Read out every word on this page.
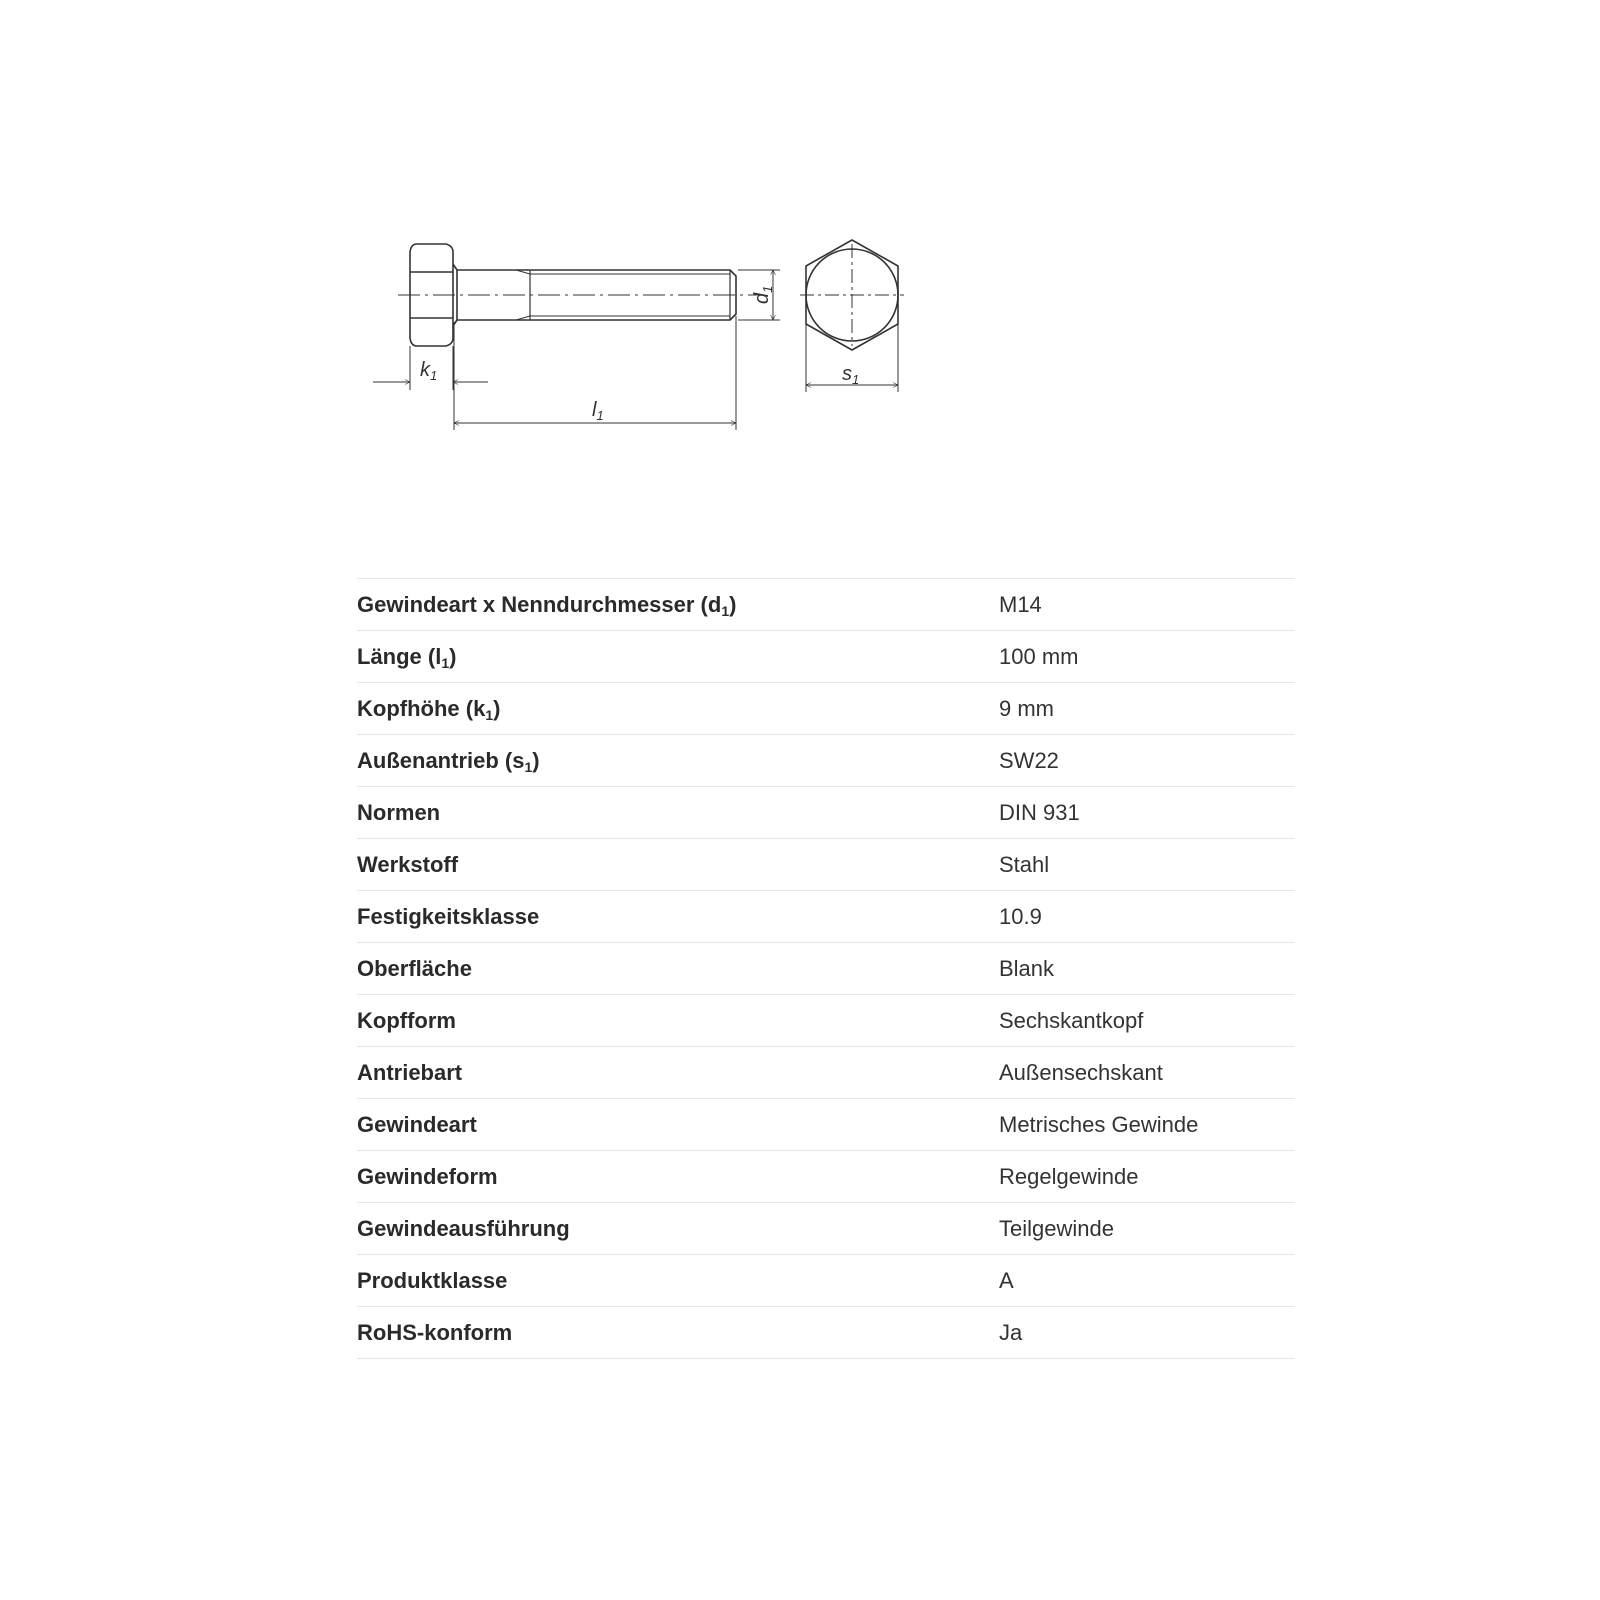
$k_1$
$l_1$
$d_1$
$s_1$
Gewindeart x Nenndurchmesser $(d_1)$	M14
Länge $(l_1)$	100 mm
Kopfhöhe $(k_1)$	9 mm
Außenantrieb $(s_1)$	SW22
Normen	DIN 931
Werkstoff	Stahl
Festigkeitsklasse	10.9
Oberfläche	Blank
Kopfform	Sechskantkopf
Antriebart	Außensechskant
Gewindeart	Metrisches Gewinde
Gewindeform	Regelgewinde
Gewindeausführung	Teilgewinde
Produktklasse	A
RoHS-konform	Ja
